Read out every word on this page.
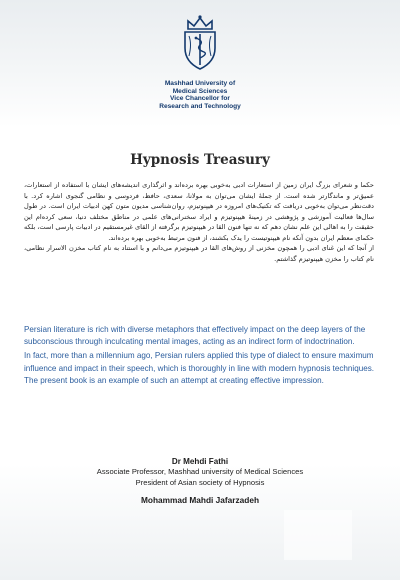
Mashhad University of
Medical Sciences
Vice Chancellor for
Research and Technology
Hypnosis Treasury

حکما و شعرای بزرگ ایران زمین از استعارات ادبی به‌خوبی بهره برده‌اند و اثرگذاری اندیشه‌های ایشان با استفاده از استعارات، عمیق‌تر و ماندگارتر شده است. از جملهٔ ایشان می‌توان به مولانا، سعدی، حافظ، فردوسی و نظامی گنجوی اشاره کرد. با دقت‌نظر می‌توان به‌خوبی دریافت که تکنیک‌های امروزه در هیپنوتیزم، روان‌شناسی مدیون متون کهن ادبیات ایران است. در طول سال‌ها فعالیت آموزشی و پژوهشی در زمینهٔ هیپنوتیزم و ایراد سخنرانی‌های علمی در مناطق مختلف دنیا، سعی کرده‌ام این حقیقت را به اهالی این علم نشان دهم که نه تنها فنون القا در هیپنوتیزم برگرفته از القای غیرمستقیم در ادبیات پارسی است، بلکه حکمای معظم ایران بدون آنکه نام هیپنوتیست را یدک بکشند، از فنون مرتبط به‌خوبی بهره برده‌اند.

از آنجا که این غنای ادبی را همچون مخزنی از روش‌های القا در هیپنوتیزم می‌دانم و با استناد به نام کتاب مخزن الاسرار نظامی، نام کتاب را مخزن هیپنوتیزم گذاشتم.

Persian literature is rich with diverse metaphors that effectively impact on the deep layers of the subconscious through inculcating mental images, acting as an indirect form of indoctrination.

In fact, more than a millennium ago, Persian rulers applied this type of dialect to ensure maximum influence and impact in their speech, which is thoroughly in line with modern hypnosis techniques. The present book is an example of such an attempt at creating effective impression.

Dr Mehdi Fathi
Associate Professor, Mashhad university of Medical Sciences
President of Asian society of Hypnosis
Mohammad Mahdi Jafarzadeh
